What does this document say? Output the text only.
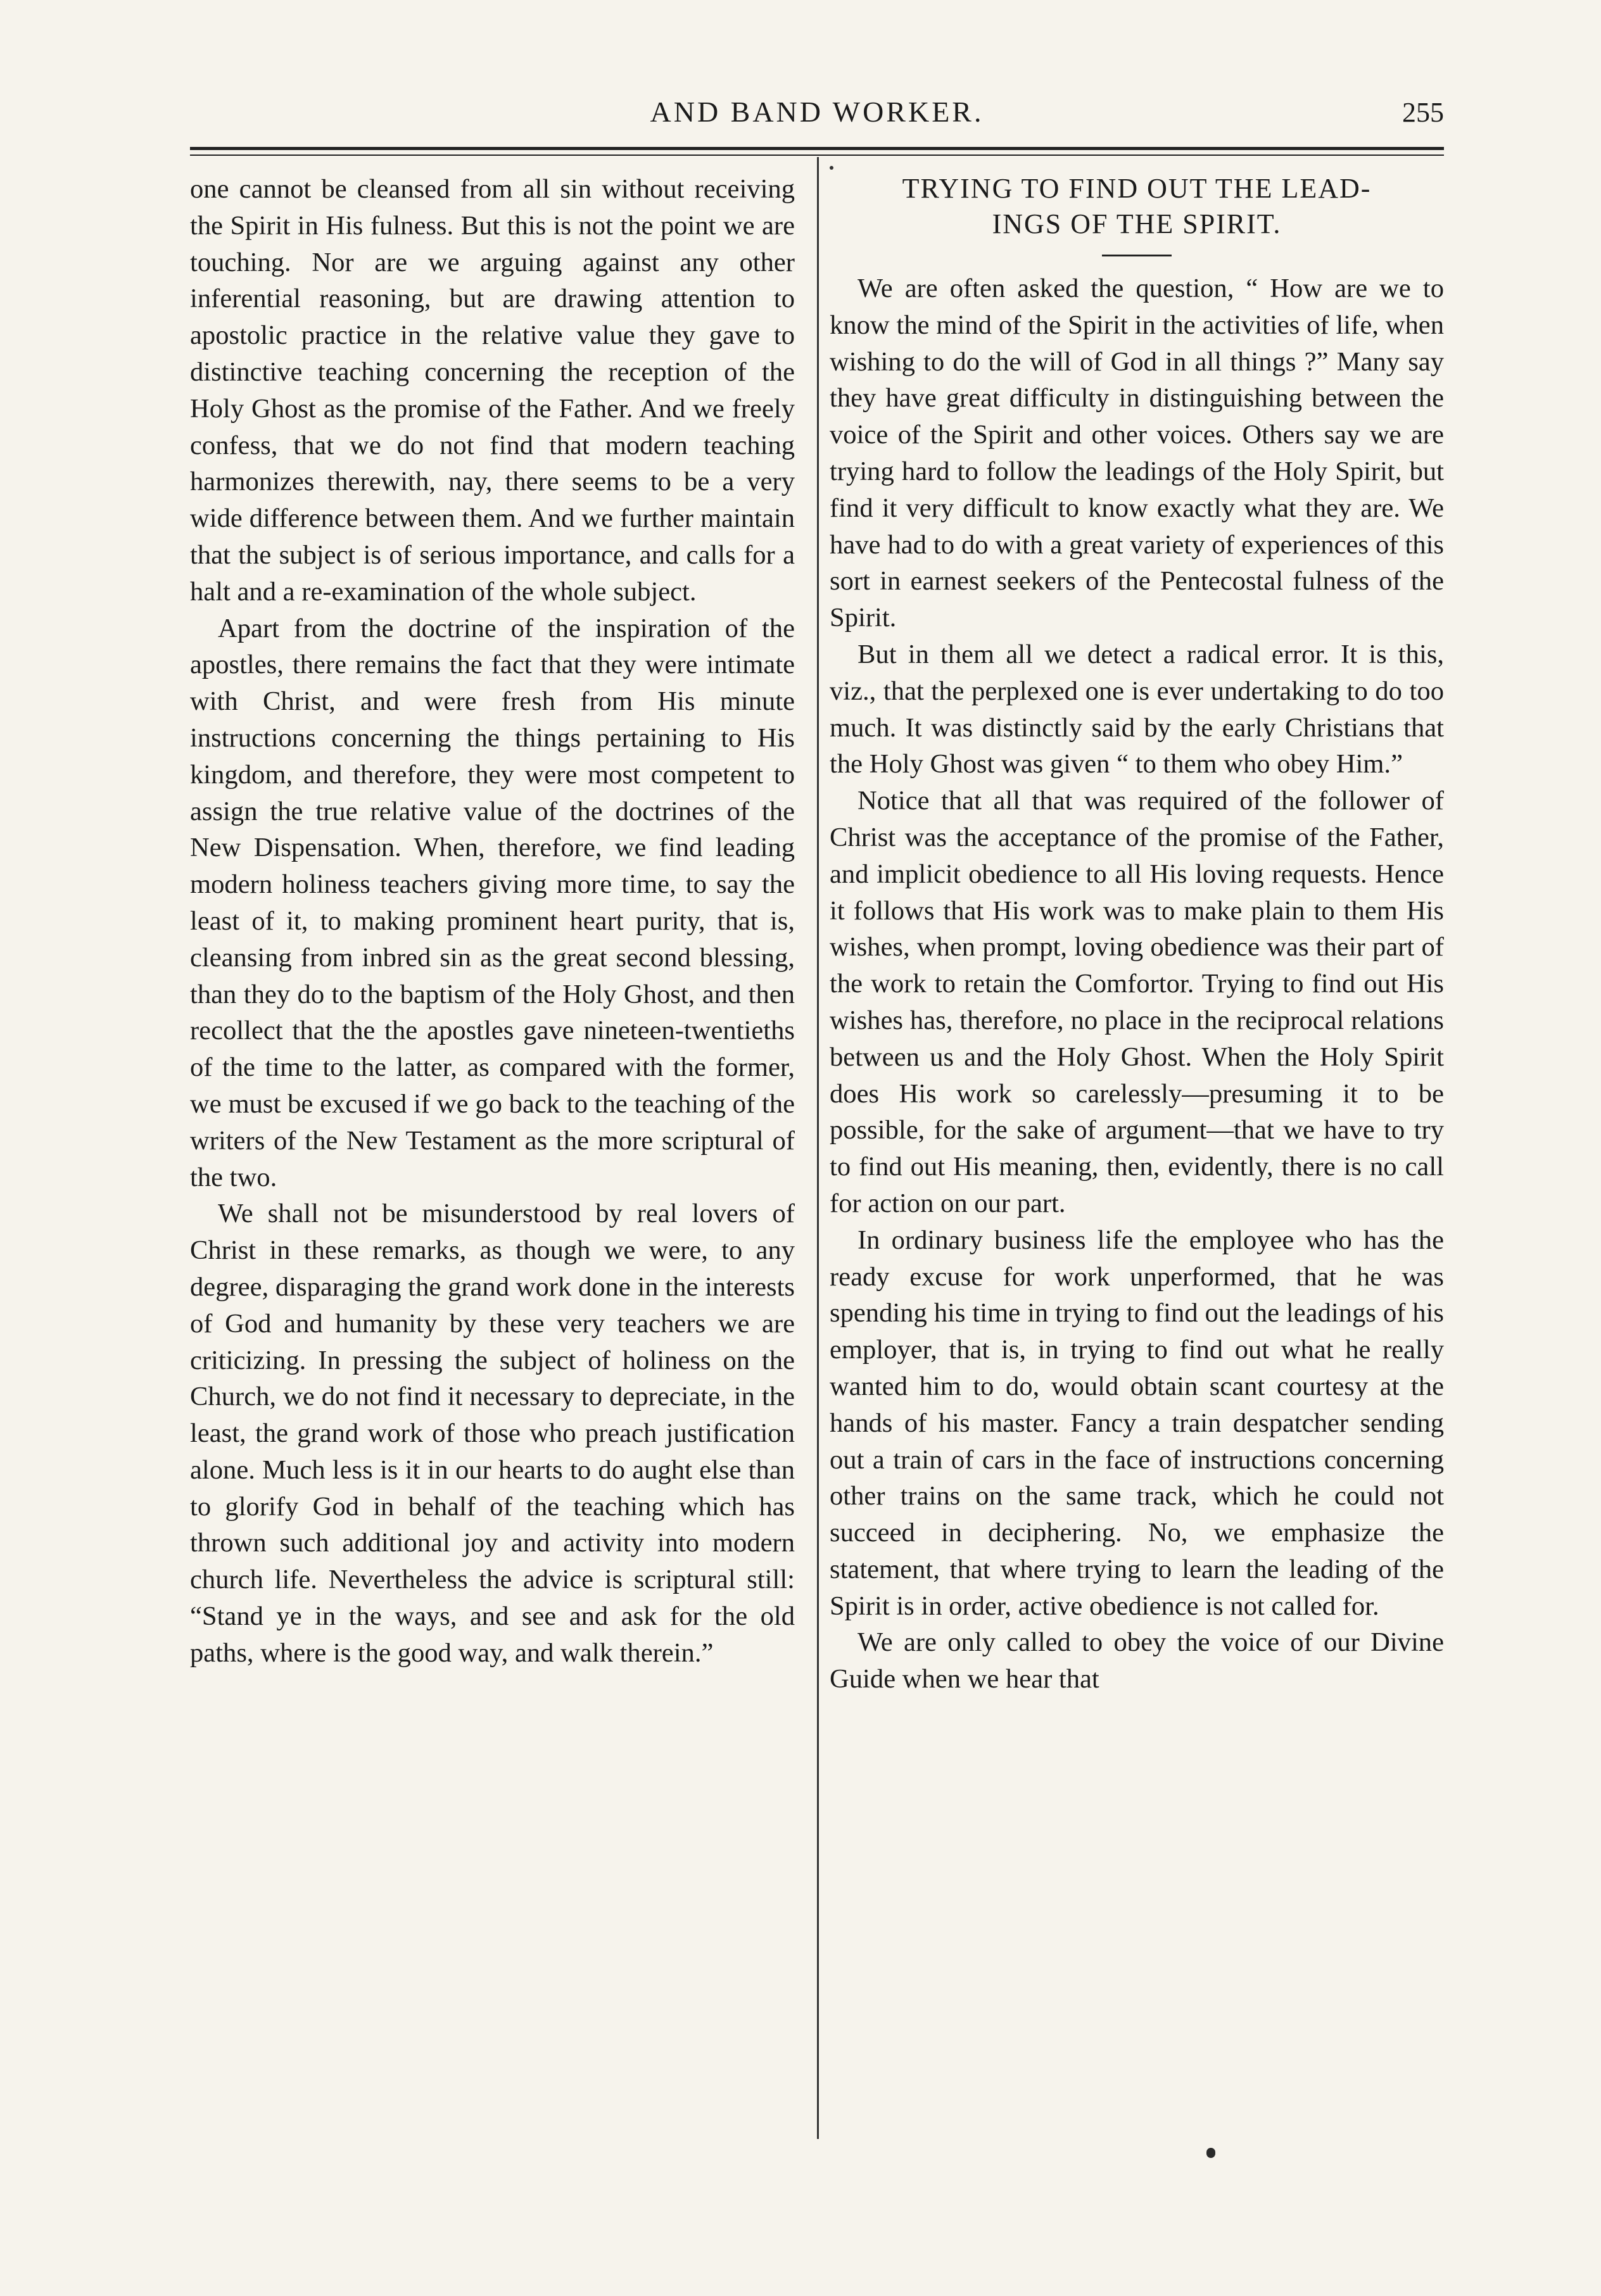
AND BAND WORKER.	255

one cannot be cleansed from all sin without receiving the Spirit in His fulness. But this is not the point we are touching. Nor are we arguing against any other inferential reasoning, but are drawing attention to apostolic practice in the relative value they gave to distinctive teaching concerning the reception of the Holy Ghost as the promise of the Father. And we freely confess, that we do not find that modern teaching harmonizes therewith, nay, there seems to be a very wide difference between them. And we further maintain that the subject is of serious importance, and calls for a halt and a re-examination of the whole subject.

Apart from the doctrine of the inspiration of the apostles, there remains the fact that they were intimate with Christ, and were fresh from His minute instructions concerning the things pertaining to His kingdom, and therefore, they were most competent to assign the true relative value of the doctrines of the New Dispensation. When, therefore, we find leading modern holiness teachers giving more time, to say the least of it, to making prominent heart purity, that is, cleansing from inbred sin as the great second blessing, than they do to the baptism of the Holy Ghost, and then recollect that the the apostles gave nineteen-twentieths of the time to the latter, as compared with the former, we must be excused if we go back to the teaching of the writers of the New Testament as the more scriptural of the two.

We shall not be misunderstood by real lovers of Christ in these remarks, as though we were, to any degree, disparaging the grand work done in the interests of God and humanity by these very teachers we are criticizing. In pressing the subject of holiness on the Church, we do not find it necessary to depreciate, in the least, the grand work of those who preach justification alone. Much less is it in our hearts to do aught else than to glorify God in behalf of the teaching which has thrown such additional joy and activity into modern church life. Nevertheless the advice is scriptural still: “Stand ye in the ways, and see and ask for the old paths, where is the good way, and walk therein.”

TRYING TO FIND OUT THE LEAD-
INGS OF THE SPIRIT.

We are often asked the question, “ How are we to know the mind of the Spirit in the activities of life, when wishing to do the will of God in all things ?” Many say they have great difficulty in distinguishing between the voice of the Spirit and other voices. Others say we are trying hard to follow the leadings of the Holy Spirit, but find it very difficult to know exactly what they are. We have had to do with a great variety of experiences of this sort in earnest seekers of the Pentecostal fulness of the Spirit.

But in them all we detect a radical error. It is this, viz., that the perplexed one is ever undertaking to do too much. It was distinctly said by the early Christians that the Holy Ghost was given “ to them who obey Him.”

Notice that all that was required of the follower of Christ was the acceptance of the promise of the Father, and implicit obedience to all His loving requests. Hence it follows that His work was to make plain to them His wishes, when prompt, loving obedience was their part of the work to retain the Comfortor. Trying to find out His wishes has, therefore, no place in the reciprocal relations between us and the Holy Ghost. When the Holy Spirit does His work so carelessly—presuming it to be possible, for the sake of argument—that we have to try to find out His meaning, then, evidently, there is no call for action on our part.

In ordinary business life the employee who has the ready excuse for work unperformed, that he was spending his time in trying to find out the leadings of his employer, that is, in trying to find out what he really wanted him to do, would obtain scant courtesy at the hands of his master. Fancy a train despatcher sending out a train of cars in the face of instructions concerning other trains on the same track, which he could not succeed in deciphering. No, we emphasize the statement, that where trying to learn the leading of the Spirit is in order, active obedience is not called for.

We are only called to obey the voice of our Divine Guide when we hear that
